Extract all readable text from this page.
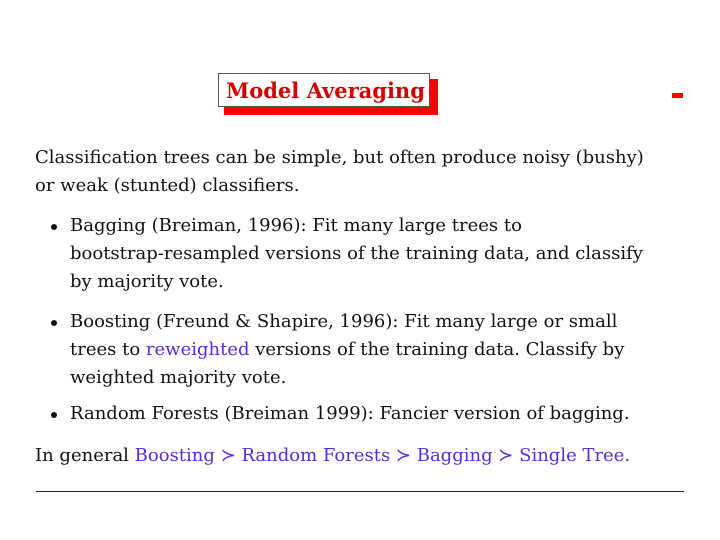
Model Averaging
Classification trees can be simple, but often produce noisy (bushy)
or weak (stunted) classifiers.
Bagging (Breiman, 1996): Fit many large trees to
bootstrap-resampled versions of the training data, and classify
by majority vote.
Boosting (Freund & Shapire, 1996): Fit many large or small
trees to reweighted versions of the training data. Classify by
weighted majority vote.
Random Forests (Breiman 1999): Fancier version of bagging.
In general Boosting ≻ Random Forests ≻ Bagging ≻ Single Tree.
